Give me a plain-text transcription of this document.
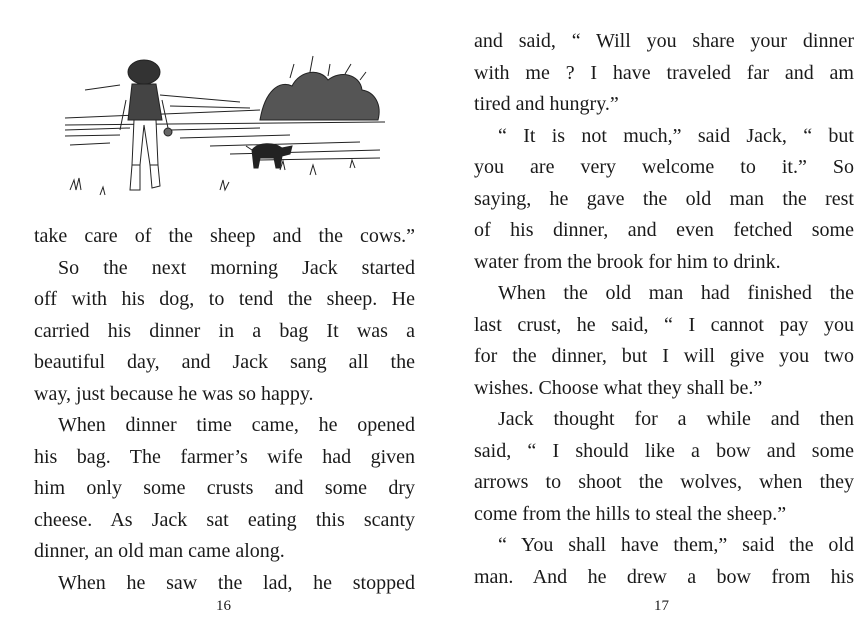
take care of the sheep and the cows.”
So the next morning Jack started
off with his dog, to tend the sheep. He
carried his dinner in a bag It was a
beautiful day, and Jack sang all the
way, just because he was so happy.
When dinner time came, he opened
his bag. The farmer’s wife had given
him only some crusts and some dry
cheese. As Jack sat eating this scanty
dinner, an old man came along.
When he saw the lad, he stopped
16
and said, “ Will you share your dinner
with me ? I have traveled far and am
tired and hungry.”
“ It is not much,” said Jack, “ but
you are very welcome to it.” So
saying, he gave the old man the rest
of his dinner, and even fetched some
water from the brook for him to drink.
When the old man had finished the
last crust, he said, “ I cannot pay you
for the dinner, but I will give you two
wishes. Choose what they shall be.”
Jack thought for a while and then
said, “ I should like a bow and some
arrows to shoot the wolves, when they
come from the hills to steal the sheep.”
“ You shall have them,” said the old
man. And he drew a bow from his
17
